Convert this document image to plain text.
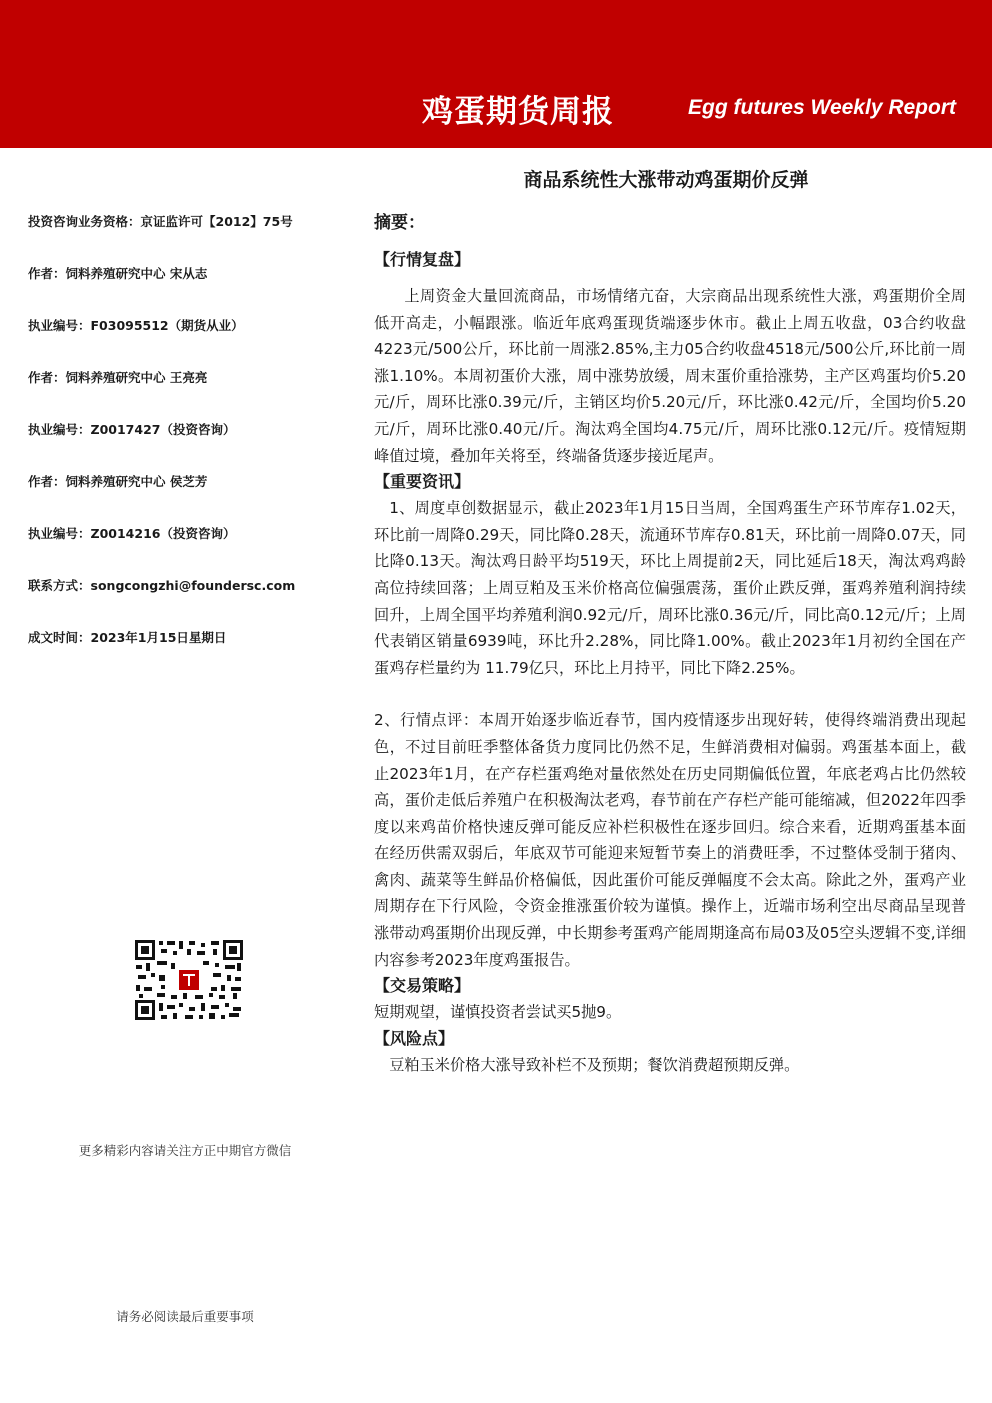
鸡蛋期货周报	Egg futures Weekly Report
商品系统性大涨带动鸡蛋期价反弹
投资咨询业务资格：京证监许可【2012】75号
作者：饲料养殖研究中心 宋从志
执业编号：F03095512（期货从业）
作者：饲料养殖研究中心 王亮亮
执业编号：Z0017427（投资咨询）
作者：饲料养殖研究中心 侯芝芳
执业编号：Z0014216（投资咨询）
联系方式：songcongzhi@foundersc.com
成文时间：2023年1月15日星期日
更多精彩内容请关注方正中期官方微信
请务必阅读最后重要事项
摘要：
【行情复盘】

上周资金大量回流商品，市场情绪亢奋，大宗商品出现系统性大涨，鸡蛋期价全周低开高走，小幅跟涨。临近年底鸡蛋现货端逐步休市。截止上周五收盘，03合约收盘4223元/500公斤，环比前一周涨2.85%,主力05合约收盘4518元/500公斤,环比前一周涨1.10%。本周初蛋价大涨，周中涨势放缓，周末蛋价重拾涨势，主产区鸡蛋均价5.20元/斤，周环比涨0.39元/斤，主销区均价5.20元/斤，环比涨0.42元/斤，全国均价5.20元/斤，周环比涨0.40元/斤。淘汰鸡全国均4.75元/斤，周环比涨0.12元/斤。疫情短期峰值过境，叠加年关将至，终端备货逐步接近尾声。

【重要资讯】

1、周度卓创数据显示，截止2023年1月15日当周，全国鸡蛋生产环节库存1.02天，环比前一周降0.29天，同比降0.28天，流通环节库存0.81天，环比前一周降0.07天，同比降0.13天。淘汰鸡日龄平均519天，环比上周提前2天，同比延后18天，淘汰鸡鸡龄高位持续回落；上周豆粕及玉米价格高位偏强震荡，蛋价止跌反弹，蛋鸡养殖利润持续回升，上周全国平均养殖利润0.92元/斤，周环比涨0.36元/斤，同比高0.12元/斤；上周代表销区销量6939吨，环比升2.28%，同比降1.00%。截止2023年1月初约全国在产蛋鸡存栏量约为 11.79亿只，环比上月持平，同比下降2.25%。

2、行情点评：本周开始逐步临近春节，国内疫情逐步出现好转，使得终端消费出现起色，不过目前旺季整体备货力度同比仍然不足，生鲜消费相对偏弱。鸡蛋基本面上，截止2023年1月，在产存栏蛋鸡绝对量依然处在历史同期偏低位置，年底老鸡占比仍然较高，蛋价走低后养殖户在积极淘汰老鸡，春节前在产存栏产能可能缩减，但2022年四季度以来鸡苗价格快速反弹可能反应补栏积极性在逐步回归。综合来看，近期鸡蛋基本面在经历供需双弱后，年底双节可能迎来短暂节奏上的消费旺季，不过整体受制于猪肉、禽肉、蔬菜等生鲜品价格偏低，因此蛋价可能反弹幅度不会太高。除此之外，蛋鸡产业周期存在下行风险，令资金推涨蛋价较为谨慎。操作上，近端市场利空出尽商品呈现普涨带动鸡蛋期价出现反弹，中长期参考蛋鸡产能周期逢高布局03及05空头逻辑不变,详细内容参考2023年度鸡蛋报告。

【交易策略】

短期观望，谨慎投资者尝试买5抛9。

【风险点】

豆粕玉米价格大涨导致补栏不及预期；餐饮消费超预期反弹。
